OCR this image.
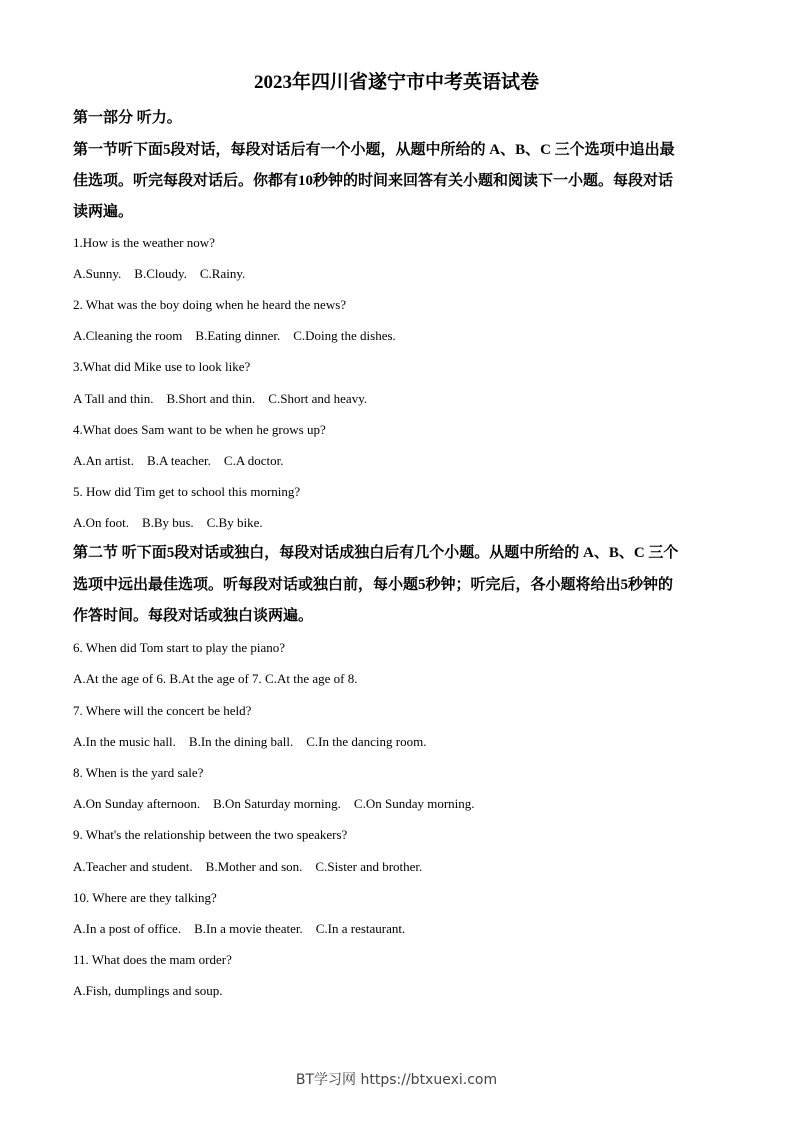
2023年四川省遂宁市中考英语试卷
第一部分 听力。
第一节听下面5段对话，每段对话后有一个小题，从题中所给的 A、B、C 三个选项中追出最
佳选项。听完每段对话后。你都有10秒钟的时间来回答有关小题和阅读下一小题。每段对话
读两遍。
1.How is the weather now?
A.Sunny.    B.Cloudy.    C.Rainy.
2. What was the boy doing when he heard the news?
A.Cleaning the room    B.Eating dinner.    C.Doing the dishes.
3.What did Mike use to look like?
A Tall and thin.    B.Short and thin.    C.Short and heavy.
4.What does Sam want to be when he grows up?
A.An artist.    B.A teacher.    C.A doctor.
5. How did Tim get to school this morning?
A.On foot.    B.By bus.    C.By bike.
第二节 听下面5段对话或独白，每段对话成独白后有几个小题。从题中所给的 A、B、C 三个
选项中远出最佳选项。听每段对话或独白前，每小题5秒钟；听完后，各小题将给出5秒钟的
作答时间。每段对话或独白谈两遍。
6. When did Tom start to play the piano?
A.At the age of 6. B.At the age of 7. C.At the age of 8.
7. Where will the concert be held?
A.In the music hall.    B.In the dining ball.    C.In the dancing room.
8. When is the yard sale?
A.On Sunday afternoon.    B.On Saturday morning.    C.On Sunday morning.
9. What's the relationship between the two speakers?
A.Teacher and student.    B.Mother and son.    C.Sister and brother.
10. Where are they talking?
A.In a post of office.    B.In a movie theater.    C.In a restaurant.
11. What does the mam order?
A.Fish, dumplings and soup.
BT学习网 https://btxuexi.com
